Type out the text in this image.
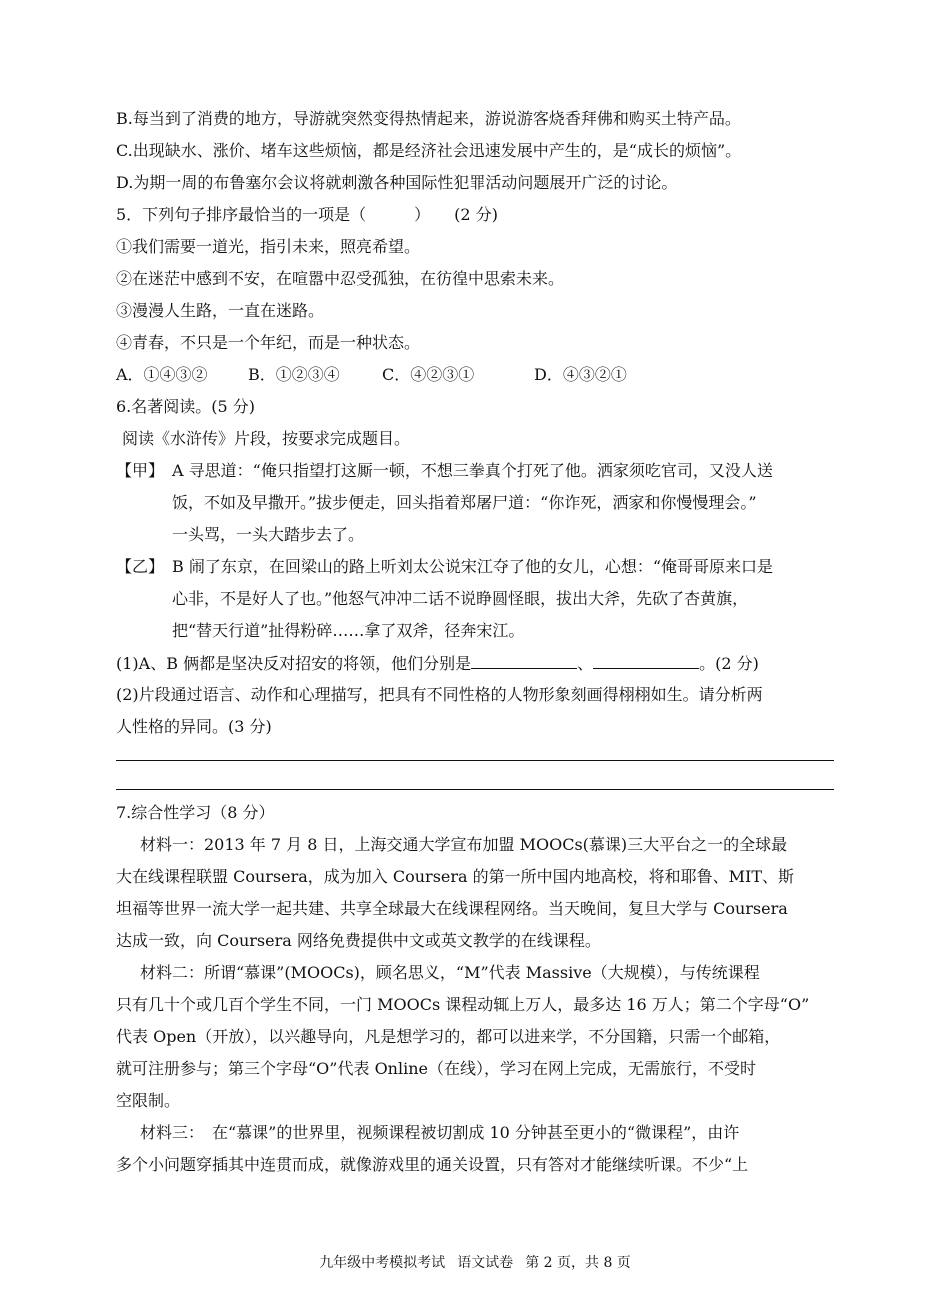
B.每当到了消费的地方，导游就突然变得热情起来，游说游客烧香拜佛和购买土特产品。
C.出现缺水、涨价、堵车这些烦恼，都是经济社会迅速发展中产生的，是“成长的烦恼”。
D.为期一周的布鲁塞尔会议将就刺激各种国际性犯罪活动问题展开广泛的讨论。
5．下列句子排序最恰当的一项是（　　　）　　(2 分)
①我们需要一道光，指引未来，照亮希望。
②在迷茫中感到不安，在喧嚣中忍受孤独，在彷徨中思索未来。
③漫漫人生路，一直在迷路。
④青春，不只是一个年纪，而是一种状态。
A．①④③②	B．①②③④	C．④②③①	D．④③②①
6.名著阅读。(5 分)
阅读《水浒传》片段，按要求完成题目。
【甲】 A 寻思道：“俺只指望打这厮一顿，不想三拳真个打死了他。洒家须吃官司，又没人送
饭，不如及早撒开。”拔步便走，回头指着郑屠尸道：“你诈死，洒家和你慢慢理会。”
一头骂，一头大踏步去了。
【乙】 B 闹了东京，在回梁山的路上听刘太公说宋江夺了他的女儿，心想：“俺哥哥原来口是
心非，不是好人了也。”他怒气冲冲二话不说睁圆怪眼，拔出大斧，先砍了杏黄旗，
把“替天行道”扯得粉碎……拿了双斧，径奔宋江。
(1)A、B 俩都是坚决反对招安的将领，他们分别是	、	。(2 分)
(2)片段通过语言、动作和心理描写，把具有不同性格的人物形象刻画得栩栩如生。请分析两
人性格的异同。(3 分)
7.综合性学习（8 分）
材料一：2013 年 7 月 8 日，上海交通大学宣布加盟 MOOCs(慕课)三大平台之一的全球最
大在线课程联盟 Coursera，成为加入 Coursera 的第一所中国内地高校，将和耶鲁、MIT、斯
坦福等世界一流大学一起共建、共享全球最大在线课程网络。当天晚间，复旦大学与 Coursera
达成一致，向 Coursera 网络免费提供中文或英文教学的在线课程。
材料二：所谓“慕课”(MOOCs)，顾名思义，“M”代表 Massive（大规模），与传统课程
只有几十个或几百个学生不同，一门 MOOCs 课程动辄上万人，最多达 16 万人；第二个字母“O”
代表 Open（开放），以兴趣导向，凡是想学习的，都可以进来学，不分国籍，只需一个邮箱，
就可注册参与；第三个字母“O”代表 Online（在线），学习在网上完成，无需旅行，不受时
空限制。
材料三：　在“慕课”的世界里，视频课程被切割成 10 分钟甚至更小的“微课程”，由许
多个小问题穿插其中连贯而成，就像游戏里的通关设置，只有答对才能继续听课。不少“上
九年级中考模拟考试 语文试卷 第 2 页，共 8 页
